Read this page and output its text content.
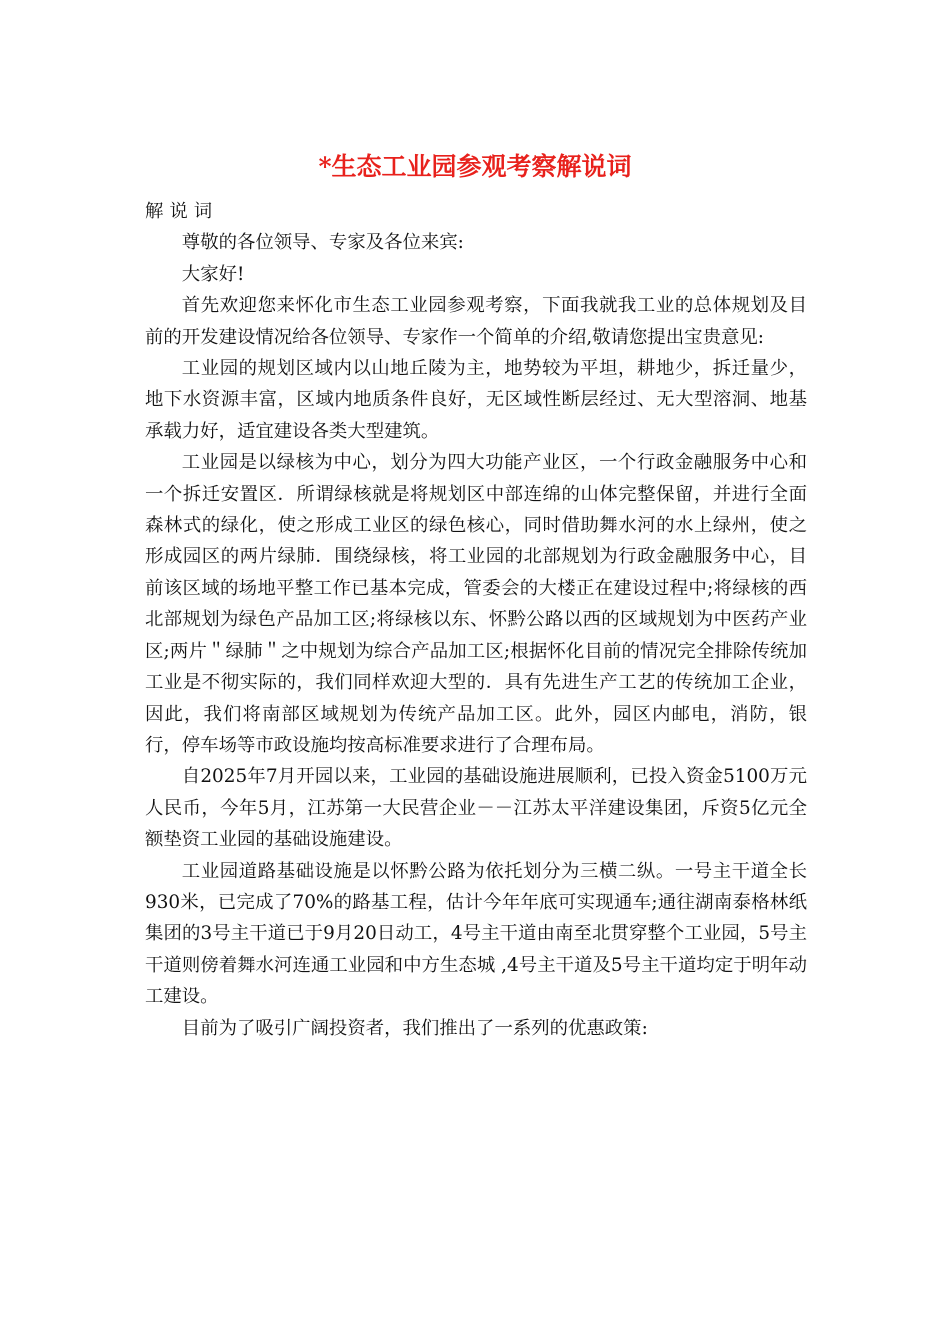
*生态工业园参观考察解说词

解说词

尊敬的各位领导、专家及各位来宾:

大家好!

首先欢迎您来怀化市生态工业园参观考察，下面我就我工业的总体规划及目前的开发建设情况给各位领导、专家作一个简单的介绍,敬请您提出宝贵意见:

工业园的规划区域内以山地丘陵为主，地势较为平坦，耕地少，拆迁量少，地下水资源丰富，区域内地质条件良好，无区域性断层经过、无大型溶洞、地基承载力好，适宜建设各类大型建筑。

工业园是以绿核为中心，划分为四大功能产业区，一个行政金融服务中心和一个拆迁安置区．所谓绿核就是将规划区中部连绵的山体完整保留，并进行全面森林式的绿化，使之形成工业区的绿色核心，同时借助舞水河的水上绿州，使之形成园区的两片绿肺．围绕绿核，将工业园的北部规划为行政金融服务中心，目前该区域的场地平整工作已基本完成，管委会的大楼正在建设过程中;将绿核的西北部规划为绿色产品加工区;将绿核以东、怀黔公路以西的区域规划为中医药产业区;两片＂绿肺＂之中规划为综合产品加工区;根据怀化目前的情况完全排除传统加工业是不彻实际的，我们同样欢迎大型的．具有先进生产工艺的传统加工企业，因此，我们将南部区域规划为传统产品加工区。此外，园区内邮电，消防，银行，停车场等市政设施均按高标准要求进行了合理布局。

自2025年7月开园以来，工业园的基础设施进展顺利，已投入资金5100万元人民币，今年5月，江苏第一大民营企业－－江苏太平洋建设集团，斥资5亿元全额垫资工业园的基础设施建设。

工业园道路基础设施是以怀黔公路为依托划分为三横二纵。一号主干道全长930米，已完成了70%的路基工程，估计今年年底可实现通车;通往湖南泰格林纸集团的3号主干道已于9月20日动工，4号主干道由南至北贯穿整个工业园，5号主干道则傍着舞水河连通工业园和中方生态城 ,4号主干道及5号主干道均定于明年动工建设。

目前为了吸引广阔投资者，我们推出了一系列的优惠政策:
